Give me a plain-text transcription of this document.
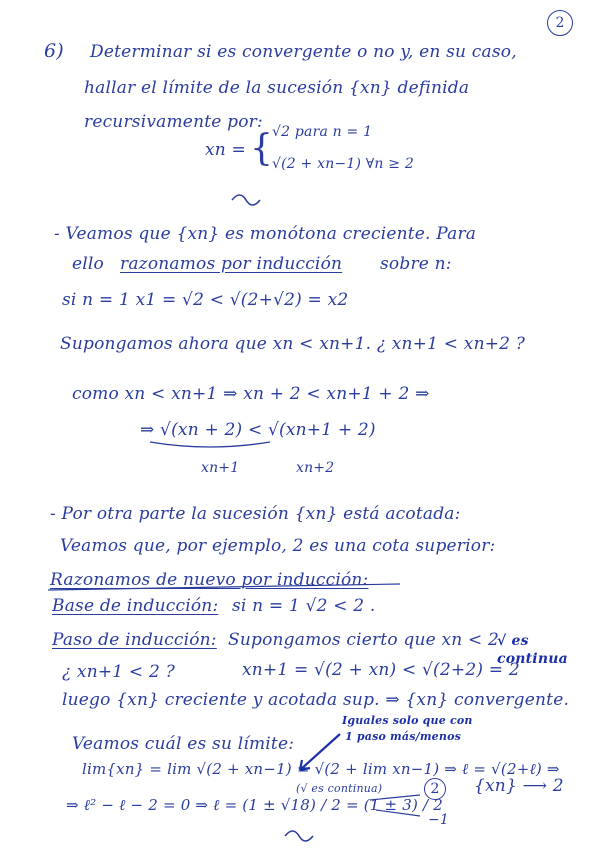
2
6) Determinar si es convergente o no y, en su caso,
hallar el límite de la sucesión {xn} definida
recursivamente por:
xn = {
√2 para n = 1
√(2 + xn−1) ∀n ≥ 2
- Veamos que {xn} es monótona creciente. Para
ello razonamos por inducción sobre n:
si n = 1 x1 = √2 < √(2+√2) = x2
Supongamos ahora que xn < xn+1. ¿ xn+1 < xn+2 ?
como xn < xn+1 ⇒ xn + 2 < xn+1 + 2 ⇒
⇒ √(xn + 2) < √(xn+1 + 2)
xn+1	xn+2
- Por otra parte la sucesión {xn} está acotada:
Veamos que, por ejemplo, 2 es una cota superior:
Razonamos de nuevo por inducción:
Base de inducción: si n = 1 √2 < 2 .
Paso de inducción: Supongamos cierto que xn < 2
¿ xn+1 < 2 ?	xn+1 = √(2 + xn) < √(2+2) = 2
√ es continua
luego {xn} creciente y acotada sup. ⇒ {xn} convergente.
Veamos cuál es su límite:
Iguales solo que con
1 paso más/menos
lim{xn} = lim √(2 + xn−1) = √(2 + lim xn−1) ⇒ ℓ = √(2+ℓ) ⇒
⇒ ℓ² − ℓ − 2 = 0 ⇒ ℓ = (1 ± √18) / 2 = (1 ± 3) / 2
(√ es continua)	2
−1
{xn} ⟶ 2
